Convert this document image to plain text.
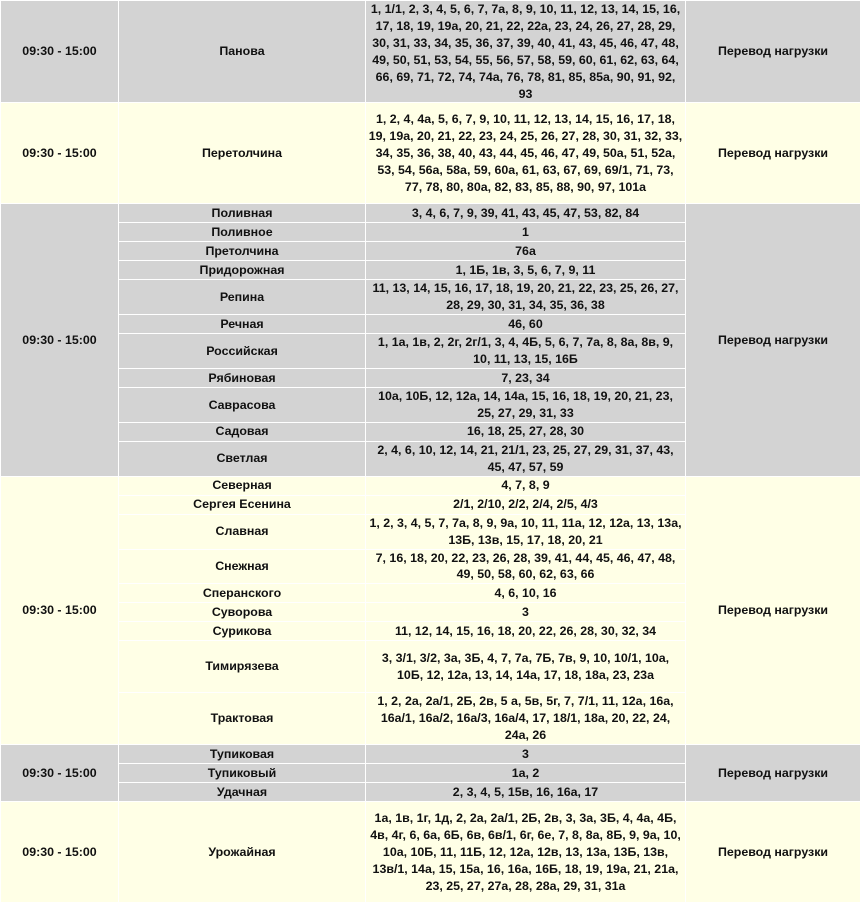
09:30 - 15:00	Панова	1, 1/1, 2, 3, 4, 5, 6, 7, 7а, 8, 9, 10, 11, 12, 13, 14, 15, 16, 17, 18, 19, 19а, 20, 21, 22, 22а, 23, 24, 26, 27, 28, 29, 30, 31, 33, 34, 35, 36, 37, 39, 40, 41, 43, 45, 46, 47, 48, 49, 50, 51, 53, 54, 55, 56, 57, 58, 59, 60, 61, 62, 63, 64, 66, 69, 71, 72, 74, 74а, 76, 78, 81, 85, 85а, 90, 91, 92, 93	Перевод нагрузки
09:30 - 15:00	Перетолчина	1, 2, 4, 4а, 5, 6, 7, 9, 10, 11, 12, 13, 14, 15, 16, 17, 18, 19, 19а, 20, 21, 22, 23, 24, 25, 26, 27, 28, 30, 31, 32, 33, 34, 35, 36, 38, 40, 43, 44, 45, 46, 47, 49, 50а, 51, 52а, 53, 54, 56а, 58а, 59, 60а, 61, 63, 67, 69, 69/1, 71, 73, 77, 78, 80, 80а, 82, 83, 85, 88, 90, 97, 101а	Перевод нагрузки
09:30 - 15:00	Поливная	3, 4, 6, 7, 9, 39, 41, 43, 45, 47, 53, 82, 84	Перевод нагрузки
	Поливное	1	
	Претолчина	76а	
	Придорожная	1, 1Б, 1в, 3, 5, 6, 7, 9, 11	
	Репина	11, 13, 14, 15, 16, 17, 18, 19, 20, 21, 22, 23, 25, 26, 27, 28, 29, 30, 31, 34, 35, 36, 38	
	Речная	46, 60	
	Российская	1, 1а, 1в, 2, 2г, 2г/1, 3, 4, 4Б, 5, 6, 7, 7а, 8, 8а, 8в, 9, 10, 11, 13, 15, 16Б	
	Рябиновая	7, 23, 34	
	Саврасова	10а, 10Б, 12, 12а, 14, 14а, 15, 16, 18, 19, 20, 21, 23, 25, 27, 29, 31, 33	
	Садовая	16, 18, 25, 27, 28, 30	
	Светлая	2, 4, 6, 10, 12, 14, 21, 21/1, 23, 25, 27, 29, 31, 37, 43, 45, 47, 57, 59	
09:30 - 15:00	Северная	4, 7, 8, 9	Перевод нагрузки
	Сергея Есенина	2/1, 2/10, 2/2, 2/4, 2/5, 4/3	
	Славная	1, 2, 3, 4, 5, 7, 7а, 8, 9, 9а, 10, 11, 11а, 12, 12а, 13, 13а, 13Б, 13в, 15, 17, 18, 20, 21	
	Снежная	7, 16, 18, 20, 22, 23, 26, 28, 39, 41, 44, 45, 46, 47, 48, 49, 50, 58, 60, 62, 63, 66	
	Сперанского	4, 6, 10, 16	
	Суворова	3	
	Сурикова	11, 12, 14, 15, 16, 18, 20, 22, 26, 28, 30, 32, 34	
	Тимирязева	3, 3/1, 3/2, 3а, 3Б, 4, 7, 7а, 7Б, 7в, 9, 10, 10/1, 10а, 10Б, 12, 12а, 13, 14, 14а, 17, 18, 18а, 23, 23а	
	Трактовая	1, 2, 2а, 2а/1, 2Б, 2в, 5 а, 5в, 5г, 7, 7/1, 11, 12а, 16а, 16а/1, 16а/2, 16а/3, 16а/4, 17, 18/1, 18а, 20, 22, 24, 24а, 26	
09:30 - 15:00	Тупиковая	3	Перевод нагрузки
	Тупиковый	1а, 2	
	Удачная	2, 3, 4, 5, 15в, 16, 16а, 17	
09:30 - 15:00	Урожайная	1а, 1в, 1г, 1д, 2, 2а, 2а/1, 2Б, 2в, 3, 3а, 3Б, 4, 4а, 4Б, 4в, 4г, 6, 6а, 6Б, 6в, 6в/1, 6г, 6е, 7, 8, 8а, 8Б, 9, 9а, 10, 10а, 10Б, 11, 11Б, 12, 12а, 12в, 13, 13а, 13Б, 13в, 13в/1, 14а, 15, 15а, 16, 16а, 16Б, 18, 19, 19а, 21, 21а, 23, 25, 27, 27а, 28, 28а, 29, 31, 31а	Перевод нагрузки
